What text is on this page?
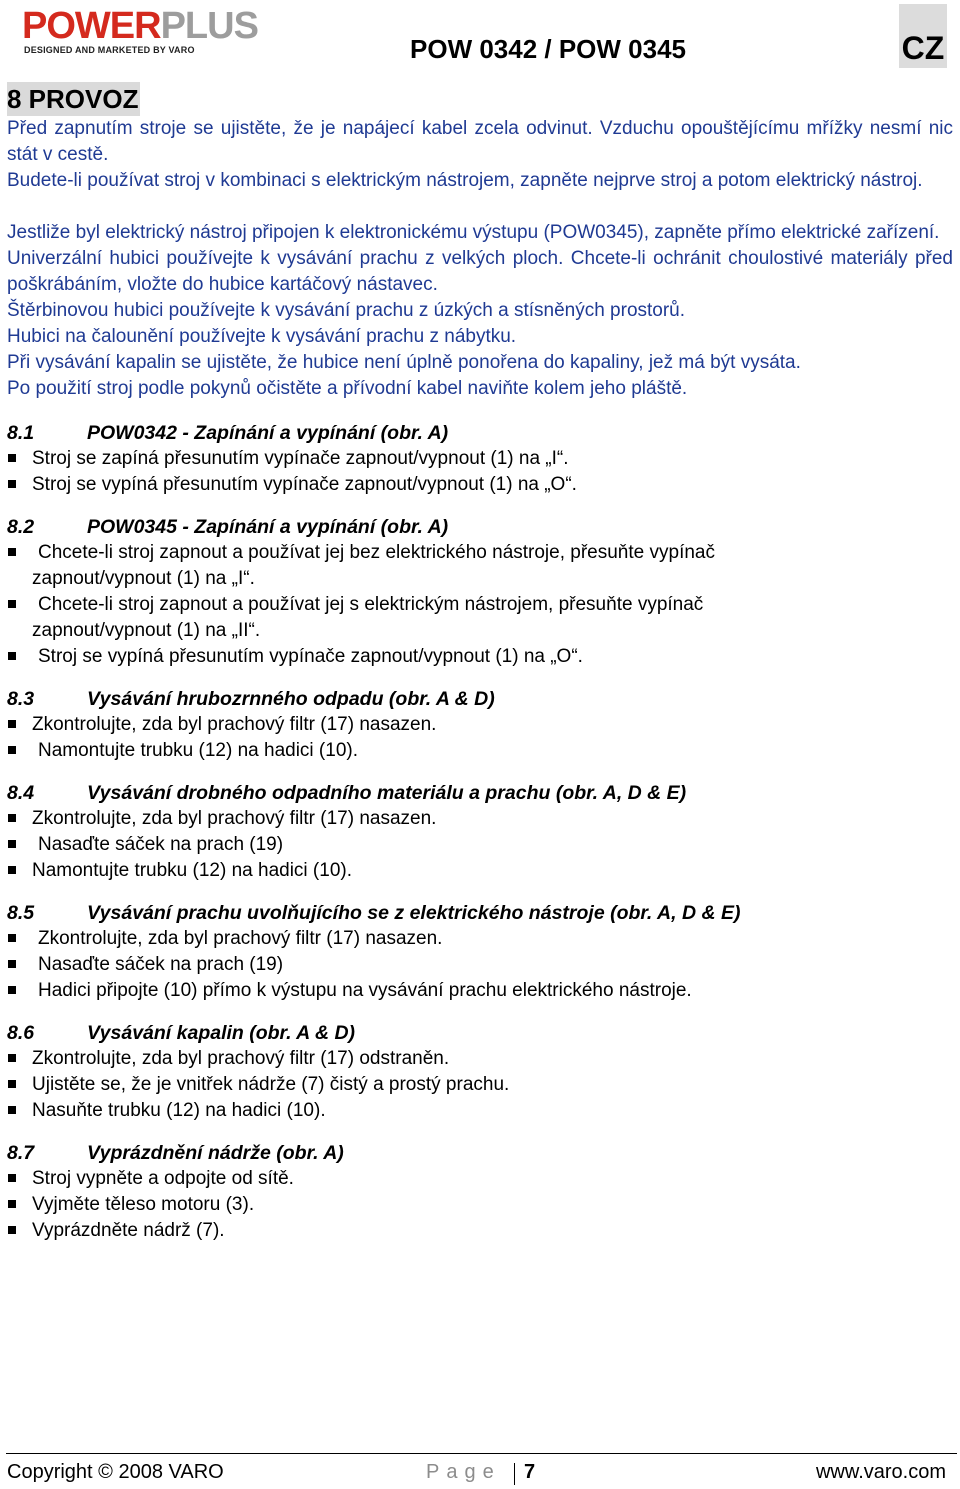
POWERPLUS
DESIGNED AND MARKETED BY VARO	POW 0342 / POW 0345	CZ
8 PROVOZ

Před zapnutím stroje se ujistěte, že je napájecí kabel zcela odvinut. Vzduchu opouštějícímu mřížky nesmí nic stát v cestě.

Budete-li používat stroj v kombinaci s elektrickým nástrojem, zapněte nejprve stroj a potom elektrický nástroj.

Jestliže byl elektrický nástroj připojen k elektronickému výstupu (POW0345), zapněte přímo elektrické zařízení.

Univerzální hubici používejte k vysávání prachu z velkých ploch. Chcete-li ochránit choulostivé materiály před poškrábáním, vložte do hubice kartáčový nástavec.

Štěrbinovou hubici používejte k vysávání prachu z úzkých a stísněných prostorů.

Hubici na čalounění používejte k vysávání prachu z nábytku.

Při vysávání kapalin se ujistěte, že hubice není úplně ponořena do kapaliny, jež má být vysáta.

Po použití stroj podle pokynů očistěte a přívodní kabel naviňte kolem jeho pláště.

8.1	POW0342 - Zapínání a vypínání (obr. A)
Stroj se zapíná přesunutím vypínače zapnout/vypnout (1) na „I“.
Stroj se vypíná přesunutím vypínače zapnout/vypnout (1) na „O“.
8.2	POW0345 - Zapínání a vypínání (obr. A)
Chcete-li stroj zapnout a používat jej bez elektrického nástroje, přesuňte vypínač
zapnout/vypnout (1) na „I“.
Chcete-li stroj zapnout a používat jej s elektrickým nástrojem, přesuňte vypínač
zapnout/vypnout (1) na „II“.
Stroj se vypíná přesunutím vypínače zapnout/vypnout (1) na „O“.
8.3	Vysávání hrubozrnného odpadu (obr. A & D)
Zkontrolujte, zda byl prachový filtr (17) nasazen.
Namontujte trubku (12) na hadici (10).
8.4	Vysávání drobného odpadního materiálu a prachu (obr. A, D & E)
Zkontrolujte, zda byl prachový filtr (17) nasazen.
Nasaďte sáček na prach (19)
Namontujte trubku (12) na hadici (10).
8.5	Vysávání prachu uvolňujícího se z elektrického nástroje (obr. A, D & E)
Zkontrolujte, zda byl prachový filtr (17) nasazen.
Nasaďte sáček na prach (19)
Hadici připojte (10) přímo k výstupu na vysávání prachu elektrického nástroje.
8.6	Vysávání kapalin (obr. A & D)
Zkontrolujte, zda byl prachový filtr (17) odstraněn.
Ujistěte se, že je vnitřek nádrže (7) čistý a prostý prachu.
Nasuňte trubku (12) na hadici (10).
8.7	Vyprázdnění nádrže (obr. A)
Stroj vypněte a odpojte od sítě.
Vyjměte těleso motoru (3).
Vyprázdněte nádrž (7).
Copyright © 2008 VARO	Page 7	www.varo.com
